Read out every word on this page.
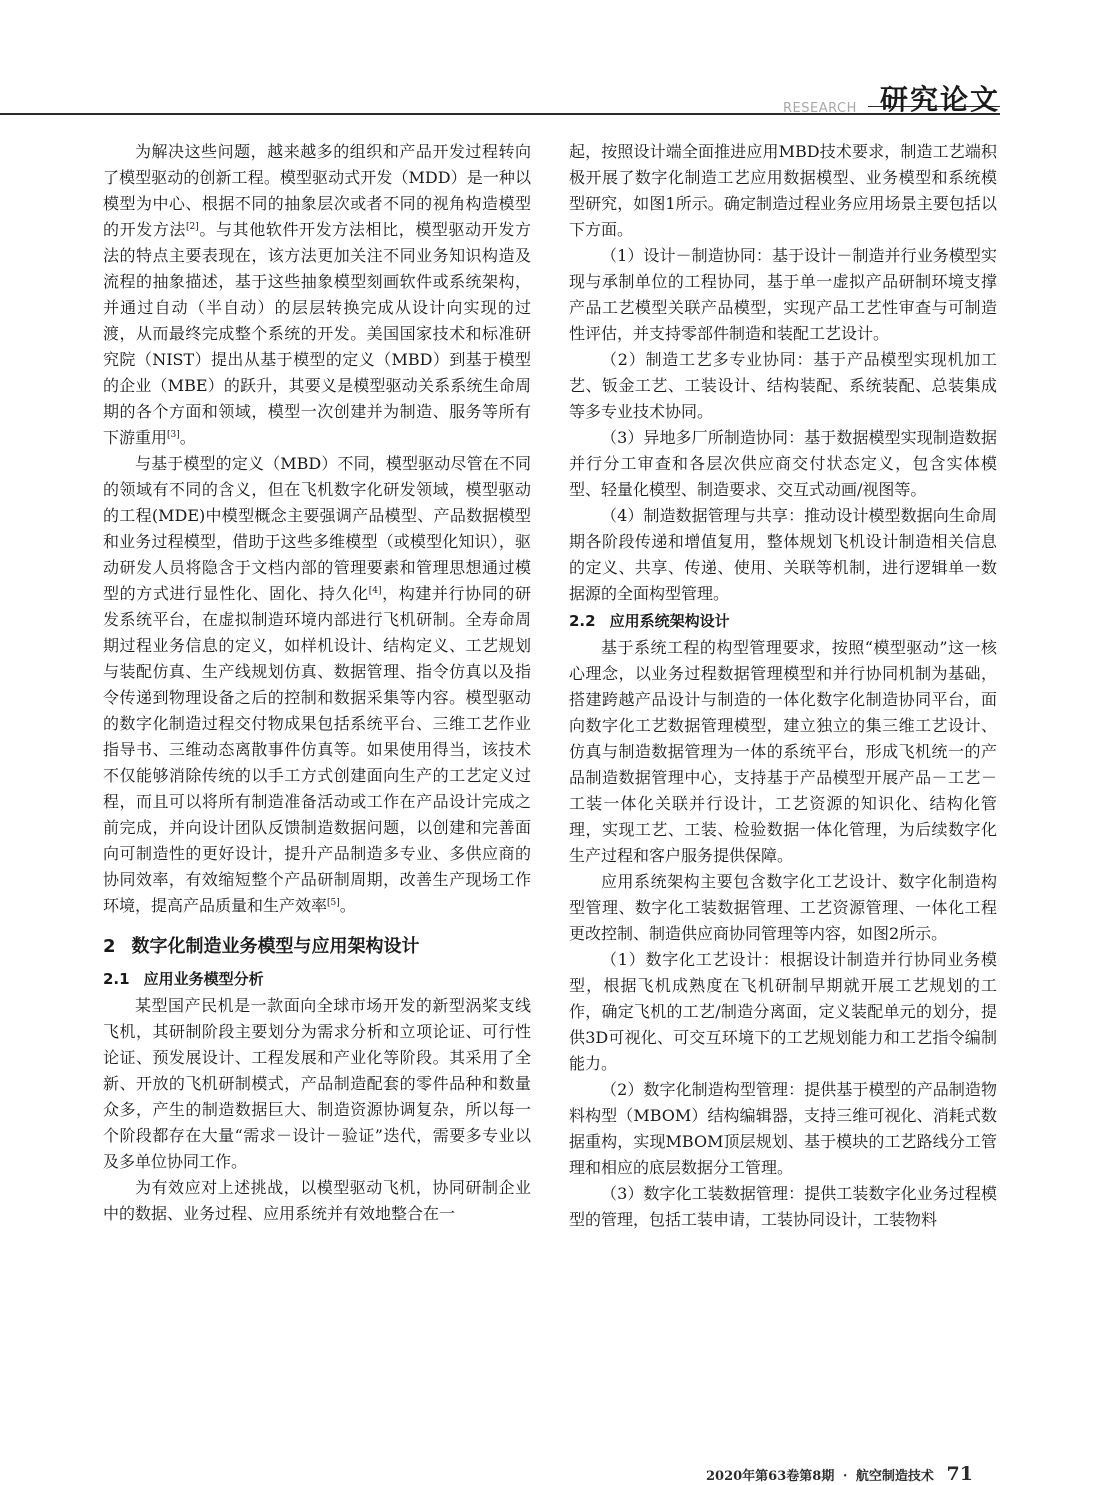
RESEARCH 研究论文

为解决这些问题，越来越多的组织和产品开发过程转向了模型驱动的创新工程。模型驱动式开发（MDD）是一种以模型为中心、根据不同的抽象层次或者不同的视角构造模型的开发方法[2]。与其他软件开发方法相比，模型驱动开发方法的特点主要表现在，该方法更加关注不同业务知识构造及流程的抽象描述，基于这些抽象模型刻画软件或系统架构，并通过自动（半自动）的层层转换完成从设计向实现的过渡，从而最终完成整个系统的开发。美国国家技术和标准研究院（NIST）提出从基于模型的定义（MBD）到基于模型的企业（MBE）的跃升，其要义是模型驱动关系系统生命周期的各个方面和领域，模型一次创建并为制造、服务等所有下游重用[3]。

与基于模型的定义（MBD）不同，模型驱动尽管在不同的领域有不同的含义，但在飞机数字化研发领域，模型驱动的工程(MDE)中模型概念主要强调产品模型、产品数据模型和业务过程模型，借助于这些多维模型（或模型化知识），驱动研发人员将隐含于文档内部的管理要素和管理思想通过模型的方式进行显性化、固化、持久化[4]，构建并行协同的研发系统平台，在虚拟制造环境内部进行飞机研制。全寿命周期过程业务信息的定义，如样机设计、结构定义、工艺规划与装配仿真、生产线规划仿真、数据管理、指令仿真以及指令传递到物理设备之后的控制和数据采集等内容。模型驱动的数字化制造过程交付物成果包括系统平台、三维工艺作业指导书、三维动态离散事件仿真等。如果使用得当，该技术不仅能够消除传统的以手工方式创建面向生产的工艺定义过程，而且可以将所有制造准备活动或工作在产品设计完成之前完成，并向设计团队反馈制造数据问题，以创建和完善面向可制造性的更好设计，提升产品制造多专业、多供应商的协同效率，有效缩短整个产品研制周期，改善生产现场工作环境，提高产品质量和生产效率[5]。

2 数字化制造业务模型与应用架构设计
2.1 应用业务模型分析

某型国产民机是一款面向全球市场开发的新型涡桨支线飞机，其研制阶段主要划分为需求分析和立项论证、可行性论证、预发展设计、工程发展和产业化等阶段。其采用了全新、开放的飞机研制模式，产品制造配套的零件品种和数量众多，产生的制造数据巨大、制造资源协调复杂，所以每一个阶段都存在大量“需求－设计－验证”迭代，需要多专业以及多单位协同工作。

为有效应对上述挑战，以模型驱动飞机，协同研制企业中的数据、业务过程、应用系统并有效地整合在一

起，按照设计端全面推进应用MBD技术要求，制造工艺端积极开展了数字化制造工艺应用数据模型、业务模型和系统模型研究，如图1所示。确定制造过程业务应用场景主要包括以下方面。

（1）设计－制造协同：基于设计－制造并行业务模型实现与承制单位的工程协同，基于单一虚拟产品研制环境支撑产品工艺模型关联产品模型，实现产品工艺性审查与可制造性评估，并支持零部件制造和装配工艺设计。

（2）制造工艺多专业协同：基于产品模型实现机加工艺、钣金工艺、工装设计、结构装配、系统装配、总装集成等多专业技术协同。

（3）异地多厂所制造协同：基于数据模型实现制造数据并行分工审查和各层次供应商交付状态定义，包含实体模型、轻量化模型、制造要求、交互式动画/视图等。

（4）制造数据管理与共享：推动设计模型数据向生命周期各阶段传递和增值复用，整体规划飞机设计制造相关信息的定义、共享、传递、使用、关联等机制，进行逻辑单一数据源的全面构型管理。

2.2 应用系统架构设计

基于系统工程的构型管理要求，按照“模型驱动”这一核心理念，以业务过程数据管理模型和并行协同机制为基础，搭建跨越产品设计与制造的一体化数字化制造协同平台，面向数字化工艺数据管理模型，建立独立的集三维工艺设计、仿真与制造数据管理为一体的系统平台，形成飞机统一的产品制造数据管理中心，支持基于产品模型开展产品－工艺－工装一体化关联并行设计，工艺资源的知识化、结构化管理，实现工艺、工装、检验数据一体化管理，为后续数字化生产过程和客户服务提供保障。

应用系统架构主要包含数字化工艺设计、数字化制造构型管理、数字化工装数据管理、工艺资源管理、一体化工程更改控制、制造供应商协同管理等内容，如图2所示。

（1）数字化工艺设计：根据设计制造并行协同业务模型，根据飞机成熟度在飞机研制早期就开展工艺规划的工作，确定飞机的工艺/制造分离面，定义装配单元的划分，提供3D可视化、可交互环境下的工艺规划能力和工艺指令编制能力。

（2）数字化制造构型管理：提供基于模型的产品制造物料构型（MBOM）结构编辑器，支持三维可视化、消耗式数据重构，实现MBOM顶层规划、基于模块的工艺路线分工管理和相应的底层数据分工管理。

（3）数字化工装数据管理：提供工装数字化业务过程模型的管理，包括工装申请，工装协同设计，工装物料

2020年第63卷第8期 · 航空制造技术 71
